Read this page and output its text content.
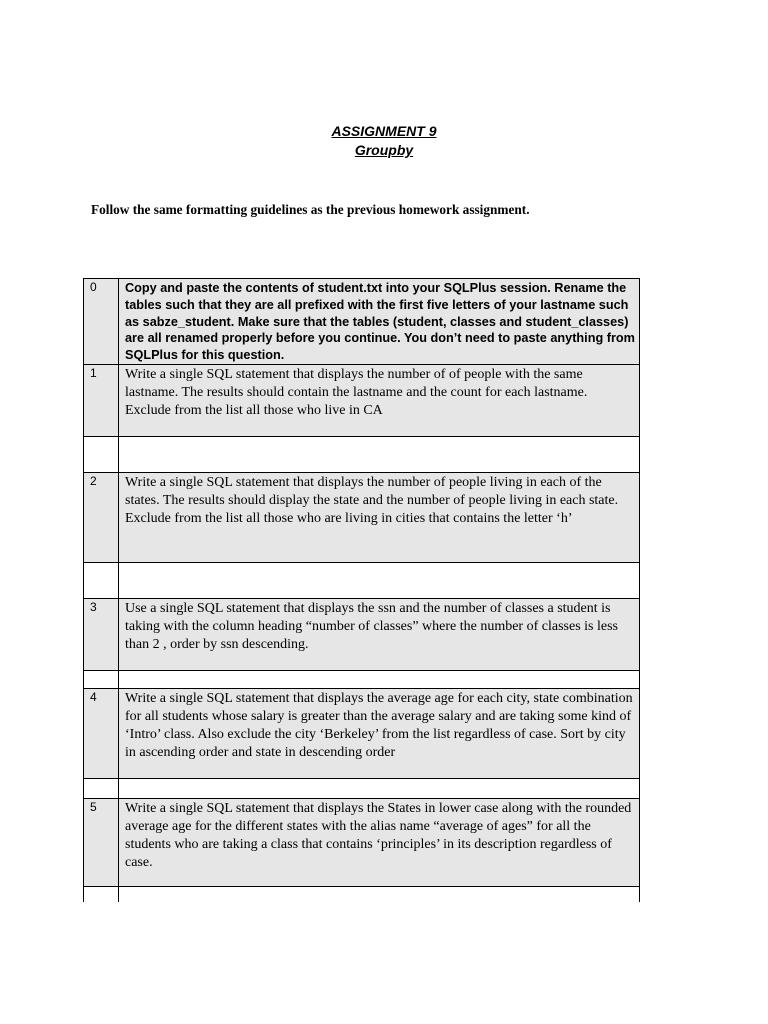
ASSIGNMENT 9
Groupby
Follow the same formatting guidelines as the previous homework assignment.
0	Copy and paste the contents of student.txt into your SQLPlus session. Rename the tables such that they are all prefixed with the first five letters of your lastname such as sabze_student. Make sure that the tables (student, classes and student_classes) are all renamed properly before you continue. You don’t need to paste anything from SQLPlus for this question.
1	Write a single SQL statement that displays the number of of people with the same lastname. The results should contain the lastname and the count for each lastname. Exclude from the list all those who live in CA

2	Write a single SQL statement that displays the number of people living in each of the states. The results should display the state and the number of people living in each state. Exclude from the list all those who are living in cities that contains the letter ‘h’

3	Use a single SQL statement that displays the ssn and the number of classes a student is taking with the column heading “number of classes” where the number of classes is less than 2 , order by ssn descending.

4	Write a single SQL statement that displays the average age for each city, state combination for all students whose salary is greater than the average salary and are taking some kind of ‘Intro’ class. Also exclude the city ‘Berkeley’ from the list regardless of case. Sort by city in ascending order and state in descending order

5	Write a single SQL statement that displays the States in lower case along with the rounded average age for the different states with the alias name “average of ages” for all the students who are taking a class that contains ‘principles’ in its description regardless of case.
